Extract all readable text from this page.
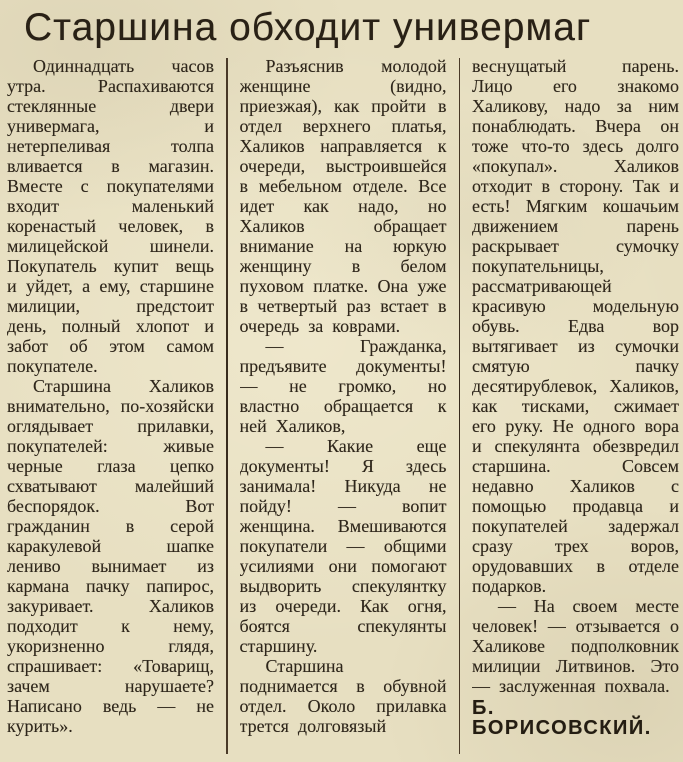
Старшина обходит универмаг

Одиннадцать часов утра. Распахиваются стеклянные двери универмага, и нетерпеливая толпа вливается в магазин. Вместе с покупателями входит маленький коренастый человек, в милицейской шинели. Покупатель купит вещь и уйдет, а ему, старшине милиции, предстоит день, полный хлопот и забот об этом самом покупателе.

Старшина Халиков внимательно, по-хозяйски оглядывает прилавки, покупателей: живые черные глаза цепко схватывают малейший беспорядок. Вот гражданин в серой каракулевой шапке лениво вынимает из кармана пачку папирос, закуривает. Халиков подходит к нему, укоризненно глядя, спрашивает: «Товарищ, зачем нарушаете? Написано ведь — не курить».

Разъяснив молодой женщине (видно, приезжая), как пройти в отдел верхнего платья, Халиков направляется к очереди, выстроившейся в мебельном отделе. Все идет как надо, но Халиков обращает внимание на юркую женщину в белом пуховом платке. Она уже в четвертый раз встает в очередь за коврами.

— Гражданка, предъявите документы! — не громко, но властно обращается к ней Халиков,

— Какие еще документы! Я здесь занимала! Никуда не пойду! — вопит женщина. Вмешиваются покупатели — общими усилиями они помогают выдворить спекулянтку из очереди. Как огня, боятся спекулянты старшину.

Старшина поднимается в обувной отдел. Около прилавка трется долговязый

веснущатый парень. Лицо его знакомо Халикову, надо за ним понаблюдать. Вчера он тоже что-то здесь долго «покупал». Халиков отходит в сторону. Так и есть! Мягким кошачьим движением парень раскрывает сумочку покупательницы, рассматривающей красивую модельную обувь. Едва вор вытягивает из сумочки смятую пачку десятирублевок, Халиков, как тисками, сжимает его руку. Не одного вора и спекулянта обезвредил старшина. Совсем недавно Халиков с помощью продавца и покупателей задержал сразу трех воров, орудовавших в отделе подарков.

— На своем месте человек! — отзывается о Халикове подполковник милиции Литвинов. Это— заслуженная похвала.

Б. БОРИСОВСКИЙ.
